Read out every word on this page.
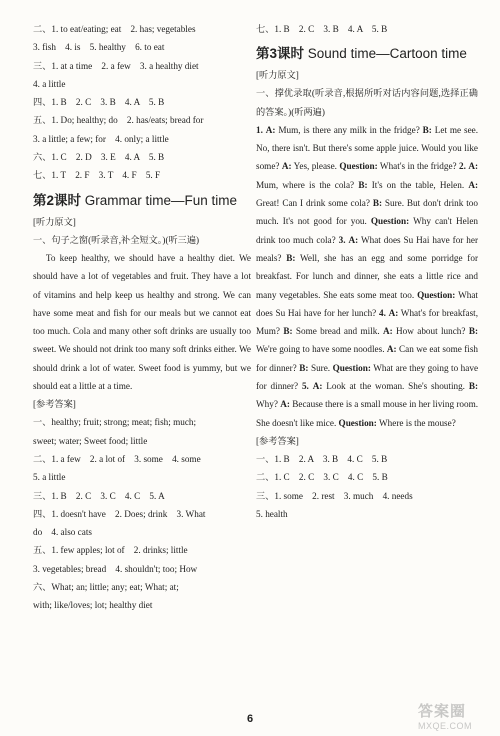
二、1. to eat/eating; eat　2. has; vegetables
3. fish　4. is　5. healthy　6. to eat
三、1. at a time　2. a few　3. a healthy diet
4. a little
四、1. B　2. C　3. B　4. A　5. B
五、1. Do; healthy; do　2. has/eats; bread for
3. a little; a few; for　4. only; a little
六、1. C　2. D　3. E　4. A　5. B
七、1. T　2. F　3. T　4. F　5. F
第2课时 Grammar time—Fun time
[听力原文]
一、句子之窗(听录音,补全短文。)(听三遍)
To keep healthy, we should have a healthy diet. We should have a lot of vegetables and fruit. They have a lot of vitamins and help keep us healthy and strong. We can have some meat and fish for our meals but we cannot eat too much. Cola and many other soft drinks are usually too sweet. We should not drink too many soft drinks either. We should drink a lot of water. Sweet food is yummy, but we should eat a little at a time.
[参考答案]
一、healthy; fruit; strong; meat; fish; much;
sweet; water; Sweet food; little
二、1. a few　2. a lot of　3. some　4. some
5. a little
三、1. B　2. C　3. C　4. C　5. A
四、1. doesn't have　2. Does; drink　3. What
do　4. also cats
五、1. few apples; lot of　2. drinks; little
3. vegetables; bread　4. shouldn't; too; How
六、What; an; little; any; eat; What; at;
with; like/loves; lot; healthy diet
七、1. B　2. C　3. B　4. A　5. B
第3课时 Sound time—Cartoon time
[听力原文]
一、撑优录取(听录音,根据所听对话内容问题,选择正确的答案。)(听两遍)
1. A: Mum, is there any milk in the fridge? B: Let me see. No, there isn't. But there's some apple juice. Would you like some? A: Yes, please. Question: What's in the fridge? 2. A: Mum, where is the cola? B: It's on the table, Helen. A: Great! Can I drink some cola? B: Sure. But don't drink too much. It's not good for you. Question: Why can't Helen drink too much cola? 3. A: What does Su Hai have for her meals? B: Well, she has an egg and some porridge for breakfast. For lunch and dinner, she eats a little rice and many vegetables. She eats some meat too. Question: What does Su Hai have for her lunch? 4. A: What's for breakfast, Mum? B: Some bread and milk. A: How about lunch? B: We're going to have some noodles. A: Can we eat some fish for dinner? B: Sure. Question: What are they going to have for dinner? 5. A: Look at the woman. She's shouting. B: Why? A: Because there is a small mouse in her living room. She doesn't like mice. Question: Where is the mouse?
[参考答案]
一、1. B　2. A　3. B　4. C　5. B
二、1. C　2. C　3. C　4. C　5. B
三、1. some　2. rest　3. much　4. needs
5. health
6	答案圈
MXQE.COM
